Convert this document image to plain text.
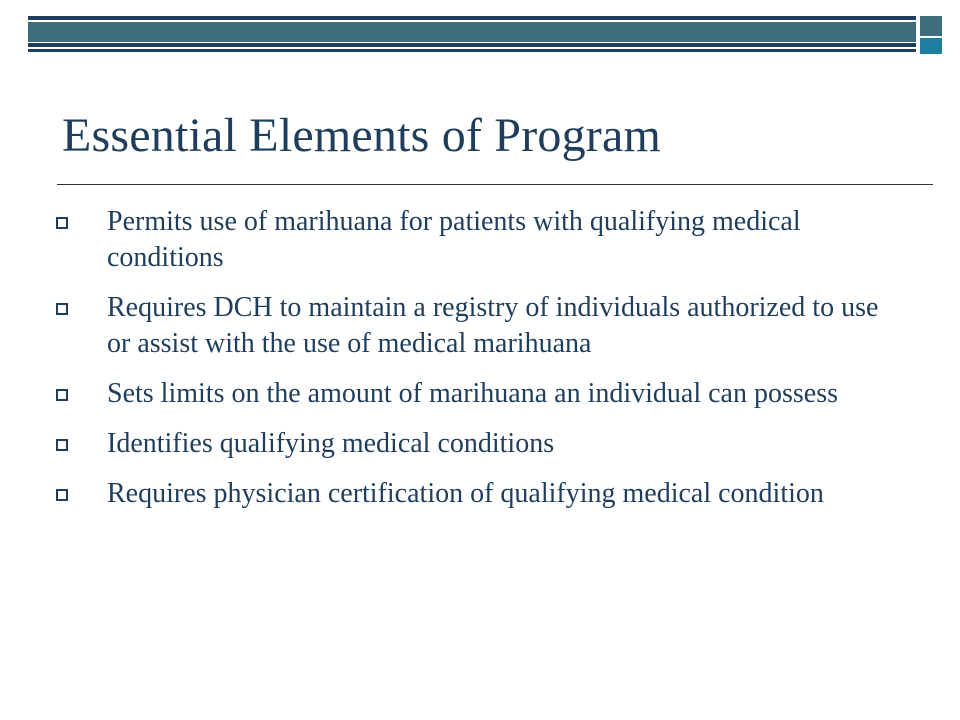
Essential Elements of Program
Permits use of marihuana for patients with qualifying medical conditions
Requires DCH to maintain a registry of individuals authorized to use or assist with the use of medical marihuana
Sets limits on the amount of marihuana an individual can possess
Identifies qualifying medical conditions
Requires physician certification of qualifying medical condition
